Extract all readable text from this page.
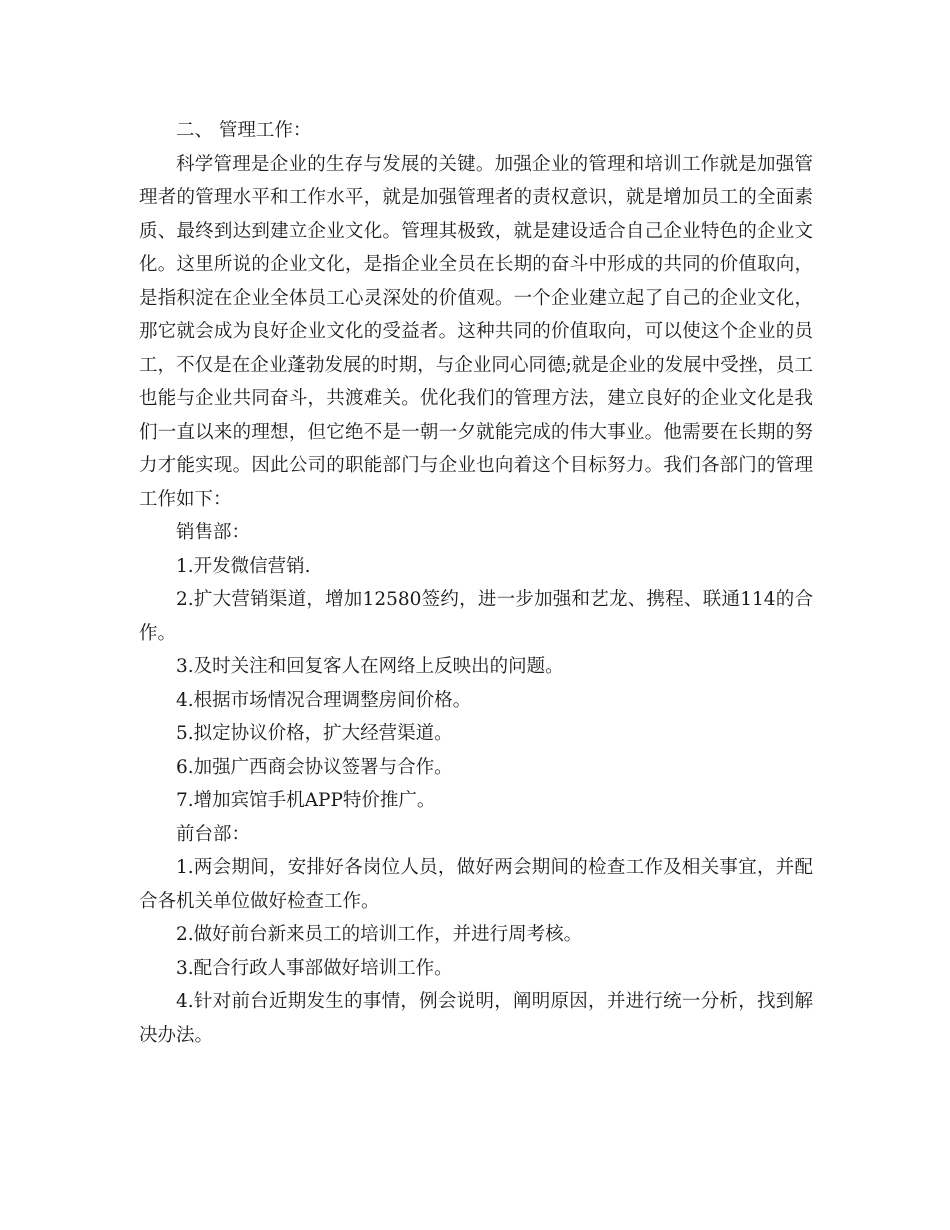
二、 管理工作：

科学管理是企业的生存与发展的关键。加强企业的管理和培训工作就是加强管理者的管理水平和工作水平，就是加强管理者的责权意识，就是增加员工的全面素质、最终到达到建立企业文化。管理其极致，就是建设适合自己企业特色的企业文化。这里所说的企业文化，是指企业全员在长期的奋斗中形成的共同的价值取向，是指积淀在企业全体员工心灵深处的价值观。一个企业建立起了自己的企业文化，那它就会成为良好企业文化的受益者。这种共同的价值取向，可以使这个企业的员工，不仅是在企业蓬勃发展的时期，与企业同心同德;就是企业的发展中受挫，员工也能与企业共同奋斗，共渡难关。优化我们的管理方法，建立良好的企业文化是我们一直以来的理想，但它绝不是一朝一夕就能完成的伟大事业。他需要在长期的努力才能实现。因此公司的职能部门与企业也向着这个目标努力。我们各部门的管理工作如下：

销售部：

1.开发微信营销.

2.扩大营销渠道，增加12580签约，进一步加强和艺龙、携程、联通114的合作。

3.及时关注和回复客人在网络上反映出的问题。

4.根据市场情况合理调整房间价格。

5.拟定协议价格，扩大经营渠道。

6.加强广西商会协议签署与合作。

7.增加宾馆手机APP特价推广。

前台部：

1.两会期间，安排好各岗位人员，做好两会期间的检查工作及相关事宜，并配合各机关单位做好检查工作。

2.做好前台新来员工的培训工作，并进行周考核。

3.配合行政人事部做好培训工作。

4.针对前台近期发生的事情，例会说明，阐明原因，并进行统一分析，找到解决办法。
